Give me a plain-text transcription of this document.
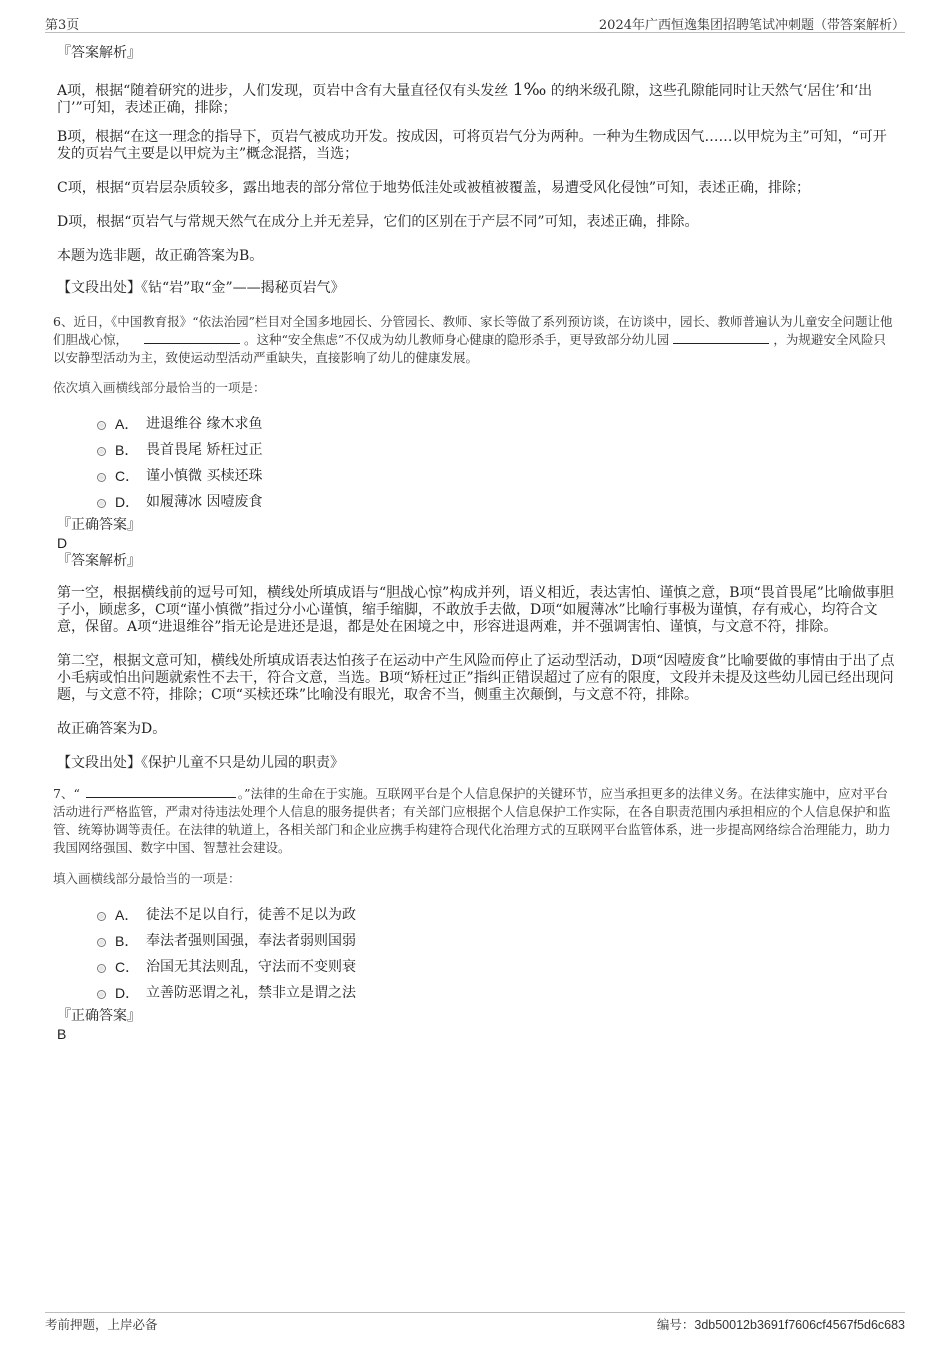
第3页	2024年广西恒逸集团招聘笔试冲刺题（带答案解析）

『答案解析』

A项，根据“随着研究的进步，人们发现，页岩中含有大量直径仅有头发丝 1‰ 的纳米级孔隙，这些孔隙能同时让天然气‘居住’和‘出门’”可知，表述正确，排除；

B项，根据“在这一理念的指导下，页岩气被成功开发。按成因，可将页岩气分为两种。一种为生物成因气……以甲烷为主”可知，“可开发的页岩气主要是以甲烷为主”概念混搭，当选；

C项，根据“页岩层杂质较多，露出地表的部分常位于地势低洼处或被植被覆盖，易遭受风化侵蚀”可知，表述正确，排除；

D项，根据“页岩气与常规天然气在成分上并无差异，它们的区别在于产层不同”可知，表述正确，排除。

本题为选非题，故正确答案为B。

【文段出处】《钻“岩”取“金”——揭秘页岩气》

6、近日，《中国教育报》“依法治园”栏目对全国多地园长、分管园长、教师、家长等做了系列预访谈，在访谈中，园长、教师普遍认为儿童安全问题让他们胆战心惊，	。这种“安全焦虑”不仅成为幼儿教师身心健康的隐形杀手，更导致部分幼儿园	，为规避安全风险只以安静型活动为主，致使运动型活动严重缺失，直接影响了幼儿的健康发展。

依次填入画横线部分最恰当的一项是：

A． 进退维谷 缘木求鱼
B． 畏首畏尾 矫枉过正
C． 谨小慎微 买椟还珠
D． 如履薄冰 因噎废食

『正确答案』

D

『答案解析』

第一空，根据横线前的逗号可知，横线处所填成语与“胆战心惊”构成并列，语义相近，表达害怕、谨慎之意，B项“畏首畏尾”比喻做事胆子小，顾虑多，C项“谨小慎微”指过分小心谨慎，缩手缩脚，不敢放手去做，D项“如履薄冰”比喻行事极为谨慎，存有戒心，均符合文意，保留。A项“进退维谷”指无论是进还是退，都是处在困境之中，形容进退两难，并不强调害怕、谨慎，与文意不符，排除。

第二空，根据文意可知，横线处所填成语表达怕孩子在运动中产生风险而停止了运动型活动，D项“因噎废食”比喻要做的事情由于出了点小毛病或怕出问题就索性不去干，符合文意，当选。B项“矫枉过正”指纠正错误超过了应有的限度，文段并未提及这些幼儿园已经出现问题，与文意不符，排除；C项“买椟还珠”比喻没有眼光，取舍不当，侧重主次颠倒，与文意不符，排除。

故正确答案为D。

【文段出处】《保护儿童不只是幼儿园的职责》

7、“	。”法律的生命在于实施。互联网平台是个人信息保护的关键环节，应当承担更多的法律义务。在法律实施中，应对平台活动进行严格监管，严肃对待违法处理个人信息的服务提供者；有关部门应根据个人信息保护工作实际，在各自职责范围内承担相应的个人信息保护和监管、统筹协调等责任。在法律的轨道上，各相关部门和企业应携手构建符合现代化治理方式的互联网平台监管体系，进一步提高网络综合治理能力，助力我国网络强国、数字中国、智慧社会建设。

填入画横线部分最恰当的一项是：

A． 徒法不足以自行，徒善不足以为政
B． 奉法者强则国强，奉法者弱则国弱
C． 治国无其法则乱，守法而不变则衰
D． 立善防恶谓之礼，禁非立是谓之法

『正确答案』

B

考前押题，上岸必备	编号：3db50012b3691f7606cf4567f5d6c683
